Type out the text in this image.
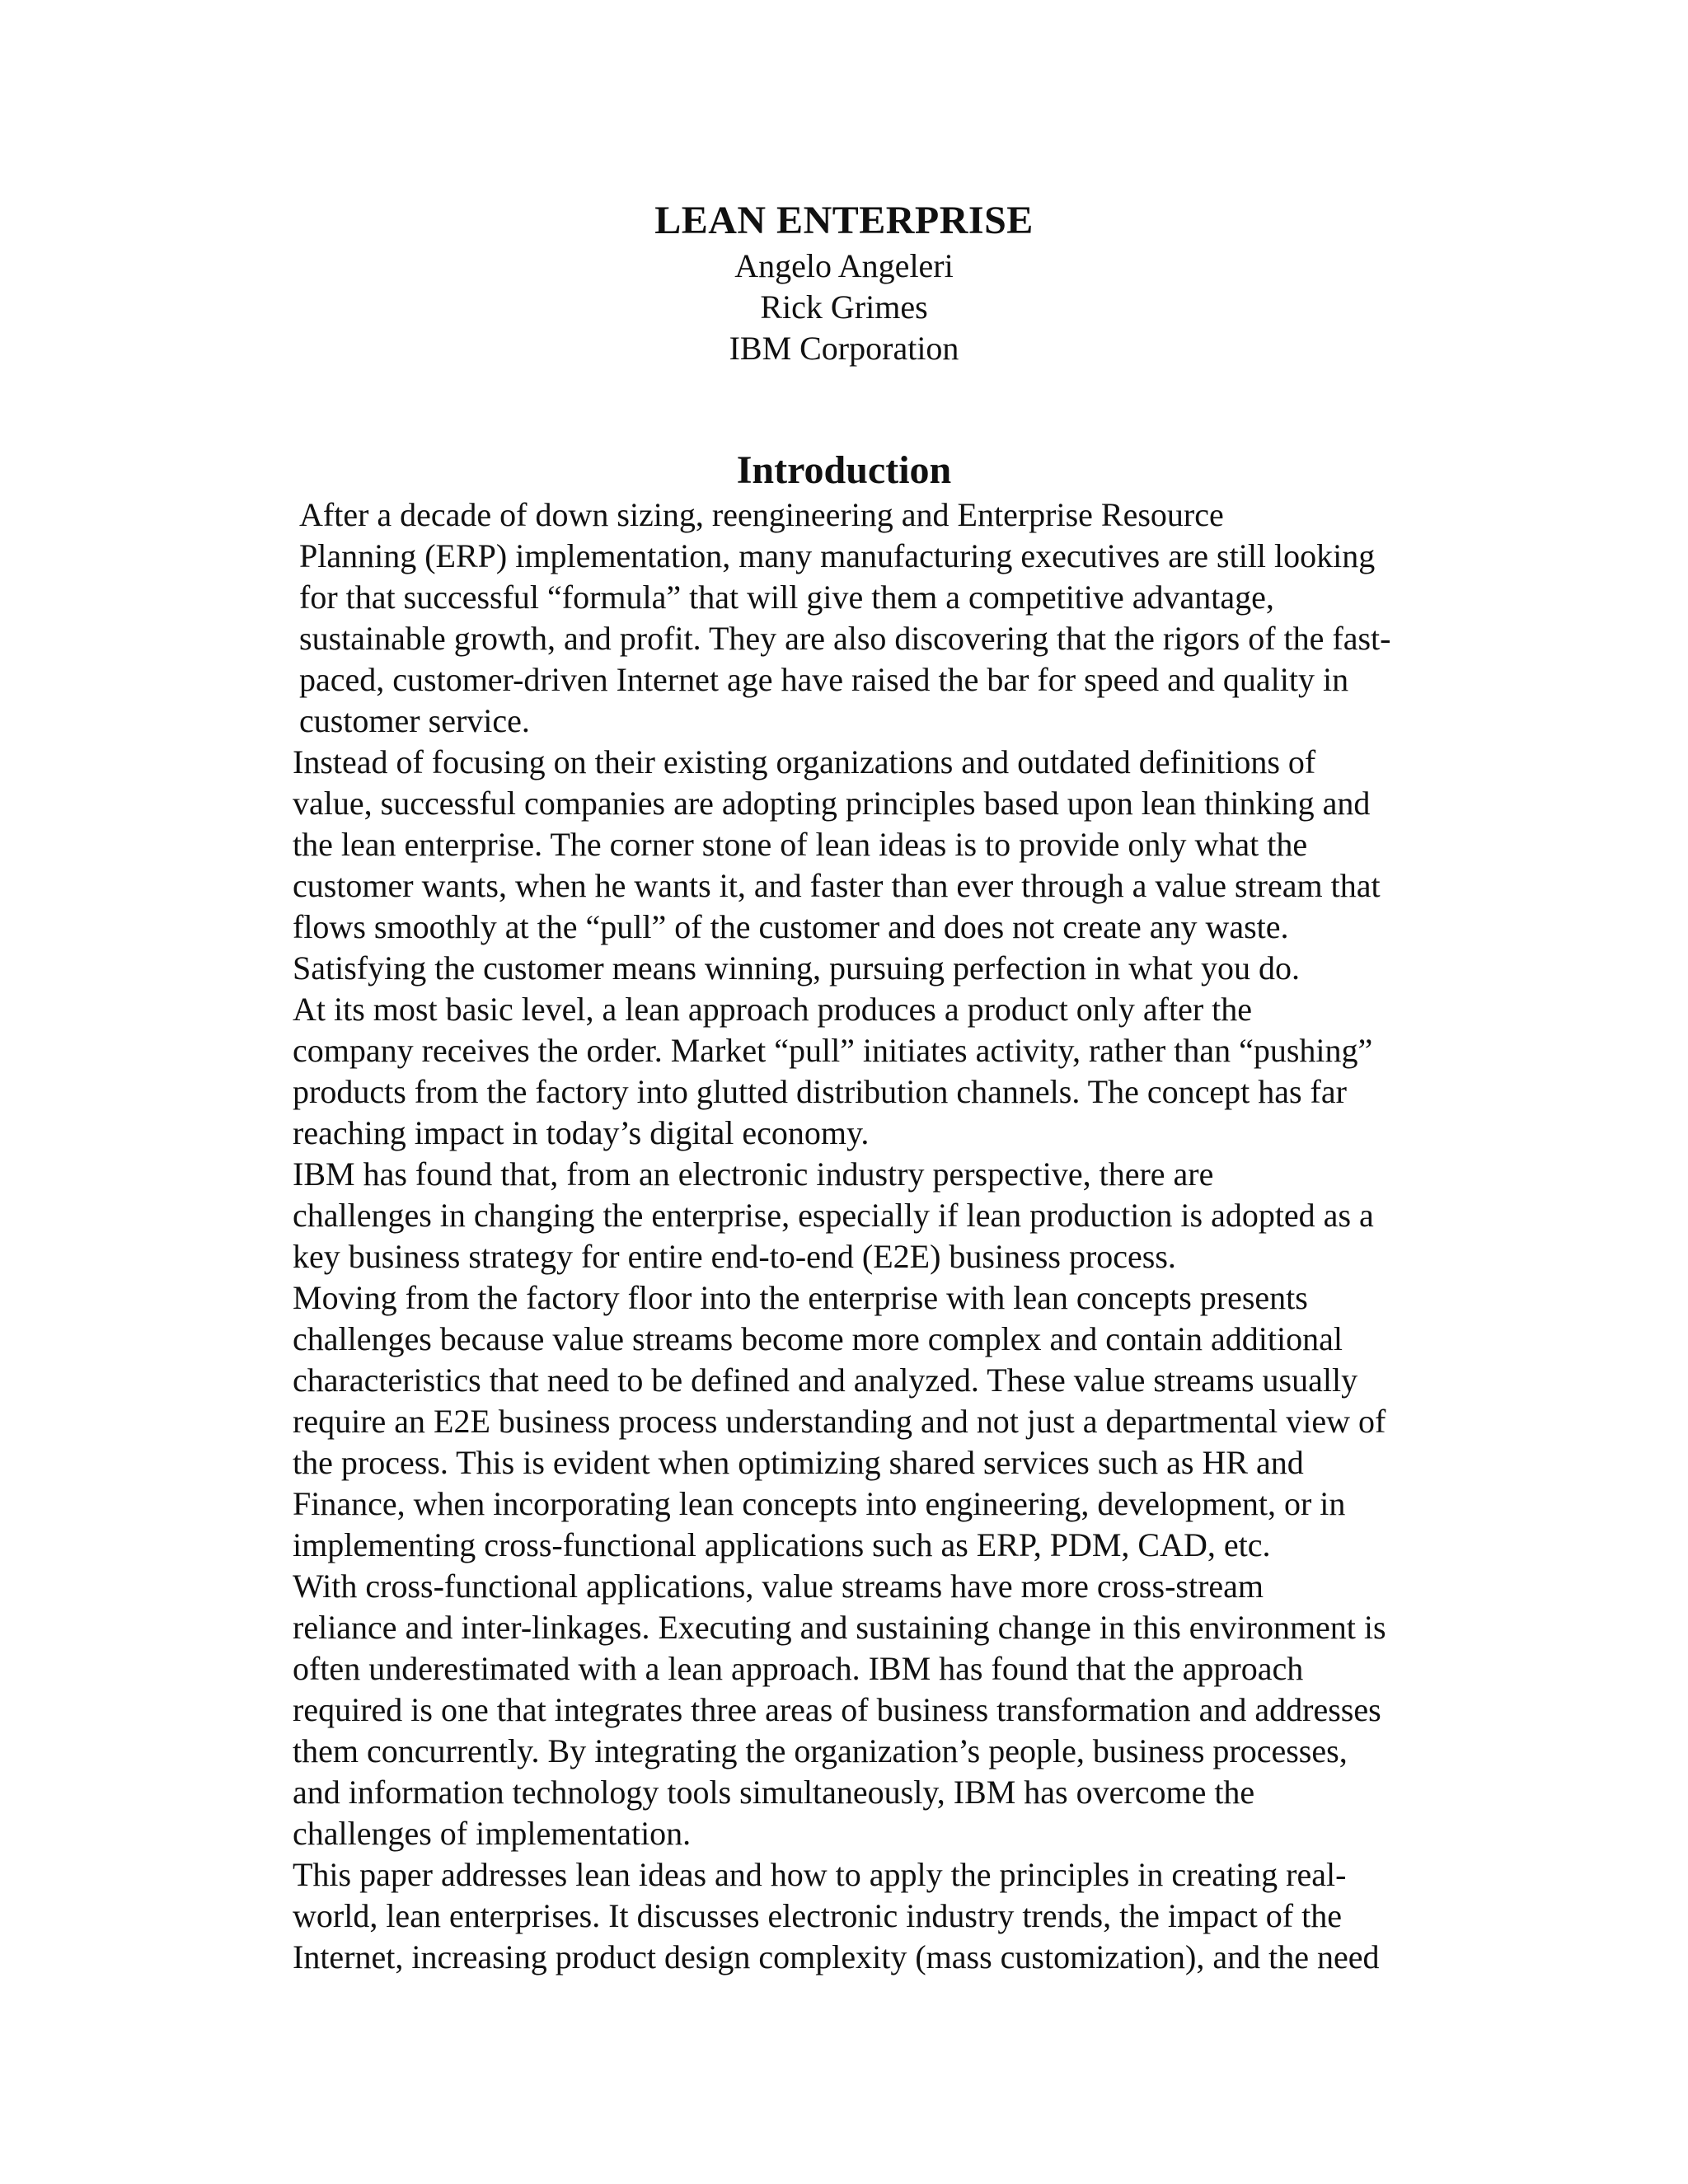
LEAN ENTERPRISE

Angelo Angeleri

Rick Grimes

IBM Corporation

Introduction

After a decade of down sizing, reengineering and Enterprise Resource
Planning (ERP) implementation, many manufacturing executives are still looking
for that successful “formula” that will give them a competitive advantage,
sustainable growth, and profit. They are also discovering that the rigors of the fast-
paced, customer-driven Internet age have raised the bar for speed and quality in
customer service.

Instead of focusing on their existing organizations and outdated definitions of
value, successful companies are adopting principles based upon lean thinking and
the lean enterprise. The corner stone of lean ideas is to provide only what the
customer wants, when he wants it, and faster than ever through a value stream that
flows smoothly at the “pull” of the customer and does not create any waste.
Satisfying the customer means winning, pursuing perfection in what you do.

At its most basic level, a lean approach produces a product only after the
company receives the order. Market “pull” initiates activity, rather than “pushing”
products from the factory into glutted distribution channels. The concept has far
reaching impact in today’s digital economy.

IBM has found that, from an electronic industry perspective, there are
challenges in changing the enterprise, especially if lean production is adopted as a
key business strategy for entire end-to-end (E2E) business process.

Moving from the factory floor into the enterprise with lean concepts presents
challenges because value streams become more complex and contain additional
characteristics that need to be defined and analyzed. These value streams usually
require an E2E business process understanding and not just a departmental view of
the process. This is evident when optimizing shared services such as HR and
Finance, when incorporating lean concepts into engineering, development, or in
implementing cross-functional applications such as ERP, PDM, CAD, etc.

With cross-functional applications, value streams have more cross-stream
reliance and inter-linkages. Executing and sustaining change in this environment is
often underestimated with a lean approach. IBM has found that the approach
required is one that integrates three areas of business transformation and addresses
them concurrently. By integrating the organization’s people, business processes,
and information technology tools simultaneously, IBM has overcome the
challenges of implementation.

This paper addresses lean ideas and how to apply the principles in creating real-
world, lean enterprises. It discusses electronic industry trends, the impact of the
Internet, increasing product design complexity (mass customization), and the need
